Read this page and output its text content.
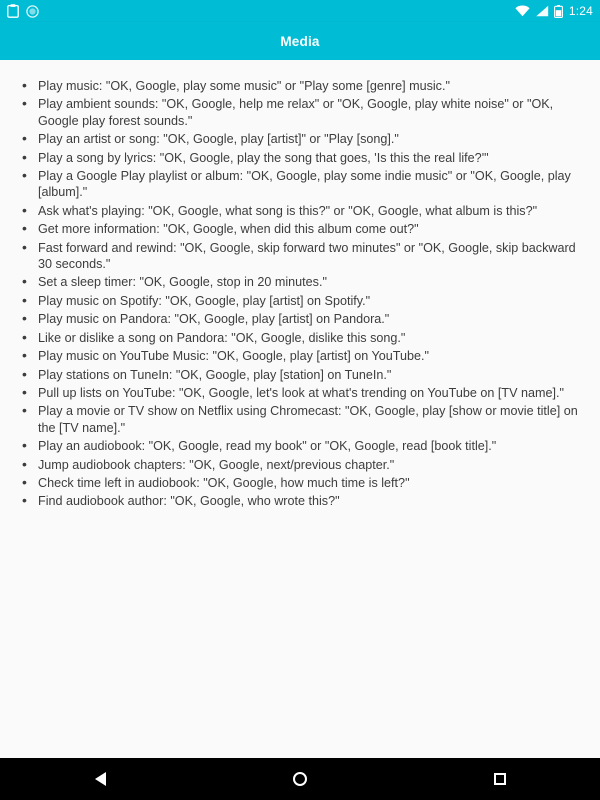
1:24
Media
• Play music: "OK, Google, play some music" or "Play some [genre] music."
• Play ambient sounds: "OK, Google, help me relax" or "OK, Google, play white noise" or "OK, Google play forest sounds."
• Play an artist or song: "OK, Google, play [artist]" or "Play [song]."
• Play a song by lyrics: "OK, Google, play the song that goes, 'Is this the real life?'"
• Play a Google Play playlist or album: "OK, Google, play some indie music" or "OK, Google, play [album]."
• Ask what's playing: "OK, Google, what song is this?" or "OK, Google, what album is this?"
• Get more information: "OK, Google, when did this album come out?"
• Fast forward and rewind: "OK, Google, skip forward two minutes" or "OK, Google, skip backward 30 seconds."
• Set a sleep timer: "OK, Google, stop in 20 minutes."
• Play music on Spotify: "OK, Google, play [artist] on Spotify."
• Play music on Pandora: "OK, Google, play [artist] on Pandora."
• Like or dislike a song on Pandora: "OK, Google, dislike this song."
• Play music on YouTube Music: "OK, Google, play [artist] on YouTube."
• Play stations on TuneIn: "OK, Google, play [station] on TuneIn."
• Pull up lists on YouTube: "OK, Google, let's look at what's trending on YouTube on [TV name]."
• Play a movie or TV show on Netflix using Chromecast: "OK, Google, play [show or movie title] on the [TV name]."
• Play an audiobook: "OK, Google, read my book" or "OK, Google, read [book title]."
• Jump audiobook chapters: "OK, Google, next/previous chapter."
• Check time left in audiobook: "OK, Google, how much time is left?"
• Find audiobook author: "OK, Google, who wrote this?"
